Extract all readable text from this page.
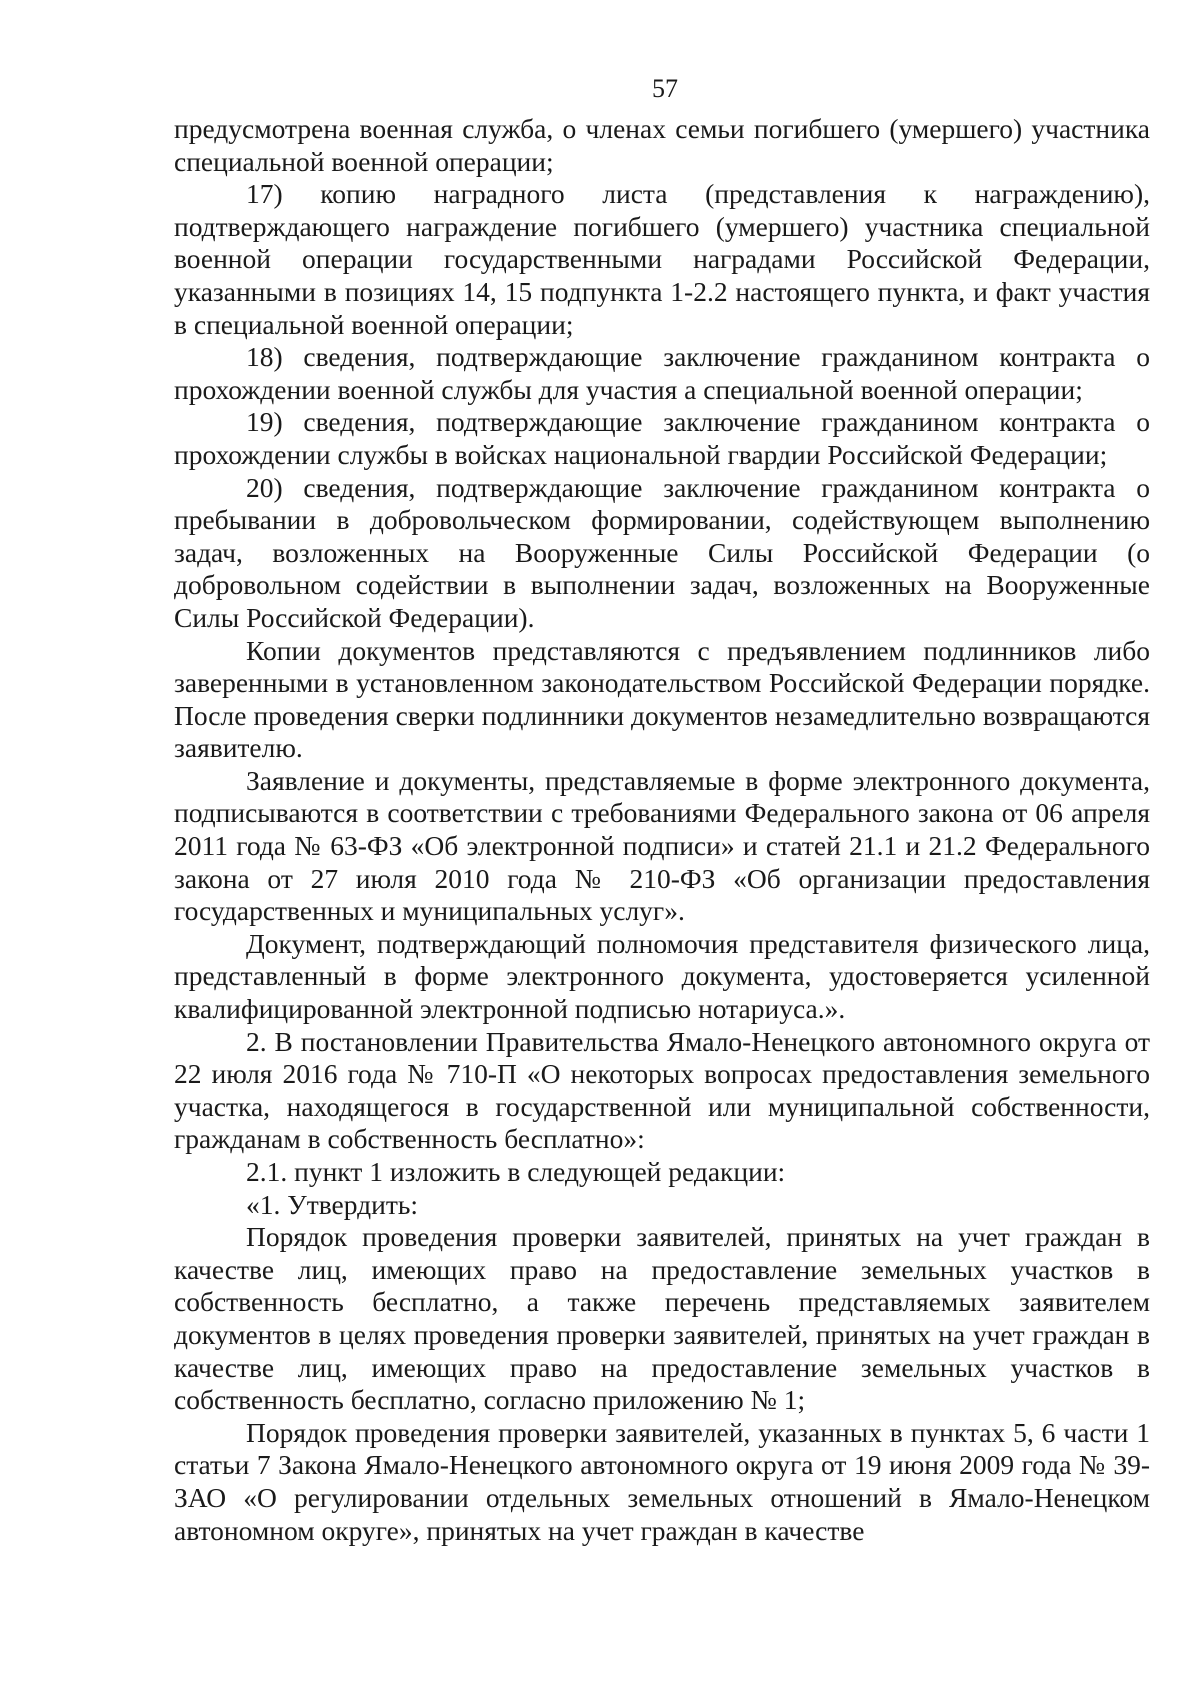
57

предусмотрена военная служба, о членах семьи погибшего (умершего) участника специальной военной операции;

17) копию наградного листа (представления к награждению), подтверждающего награждение погибшего (умершего) участника специальной военной операции государственными наградами Российской Федерации, указанными в позициях 14, 15 подпункта 1-2.2 настоящего пункта, и факт участия в специальной военной операции;

18) сведения, подтверждающие заключение гражданином контракта о прохождении военной службы для участия а специальной военной операции;

19) сведения, подтверждающие заключение гражданином контракта о прохождении службы в войсках национальной гвардии Российской Федерации;

20) сведения, подтверждающие заключение гражданином контракта о пребывании в добровольческом формировании, содействующем выполнению задач, возложенных на Вооруженные Силы Российской Федерации (о добровольном содействии в выполнении задач, возложенных на Вооруженные Силы Российской Федерации).

Копии документов представляются с предъявлением подлинников либо заверенными в установленном законодательством Российской Федерации порядке. После проведения сверки подлинники документов незамедлительно возвращаются заявителю.

Заявление и документы, представляемые в форме электронного документа, подписываются в соответствии с требованиями Федерального закона от 06 апреля 2011 года № 63-ФЗ «Об электронной подписи» и статей 21.1 и 21.2 Федерального закона от 27 июля 2010 года № 210-ФЗ «Об организации предоставления государственных и муниципальных услуг».

Документ, подтверждающий полномочия представителя физического лица, представленный в форме электронного документа, удостоверяется усиленной квалифицированной электронной подписью нотариуса.».

2. В постановлении Правительства Ямало-Ненецкого автономного округа от 22 июля 2016 года № 710-П «О некоторых вопросах предоставления земельного участка, находящегося в государственной или муниципальной собственности, гражданам в собственность бесплатно»:

2.1. пункт 1 изложить в следующей редакции:

«1. Утвердить:

Порядок проведения проверки заявителей, принятых на учет граждан в качестве лиц, имеющих право на предоставление земельных участков в собственность бесплатно, а также перечень представляемых заявителем документов в целях проведения проверки заявителей, принятых на учет граждан в качестве лиц, имеющих право на предоставление земельных участков в собственность бесплатно, согласно приложению № 1;

Порядок проведения проверки заявителей, указанных в пунктах 5, 6 части 1 статьи 7 Закона Ямало-Ненецкого автономного округа от 19 июня 2009 года № 39-ЗАО «О регулировании отдельных земельных отношений в Ямало-Ненецком автономном округе», принятых на учет граждан в качестве
